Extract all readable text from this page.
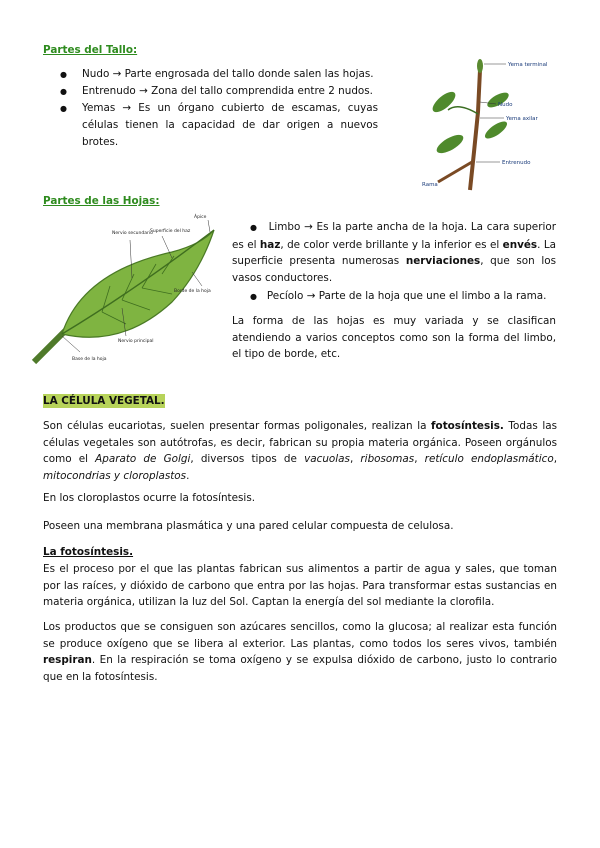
Partes del Tallo:
● Nudo → Parte engrosada del tallo donde salen las hojas.
● Entrenudo → Zona del tallo comprendida entre 2 nudos.
● Yemas → Es un órgano cubierto de escamas, cuyas células tienen la capacidad de dar origen a nuevos brotes.
Yema terminal
Nudo
Yema axilar
Entrenudo
Rama
Partes de las Hojas:
Nervio secundario
Superficie del haz
Borde de la hoja
Nervio principal
Ápice
Base de la hoja
● Limbo → Es la parte ancha de la hoja. La cara superior es el haz, de color verde brillante y la inferior es el envés. La superficie presenta numerosas nerviaciones, que son los vasos conductores.
● Pecíolo → Parte de la hoja que une el limbo a la rama.
La forma de las hojas es muy variada y se clasifican atendiendo a varios conceptos como son la forma del limbo, el tipo de borde, etc.
LA CÉLULA VEGETAL.
Son células eucariotas, suelen presentar formas poligonales, realizan la fotosíntesis. Todas las células vegetales son autótrofas, es decir, fabrican su propia materia orgánica. Poseen orgánulos como el Aparato de Golgi, diversos tipos de vacuolas, ribosomas, retículo endoplasmático, mitocondrias y cloroplastos.
En los cloroplastos ocurre la fotosíntesis.
Poseen una membrana plasmática y una pared celular compuesta de celulosa.
La fotosíntesis.
Es el proceso por el que las plantas fabrican sus alimentos a partir de agua y sales, que toman por las raíces, y dióxido de carbono que entra por las hojas. Para transformar estas sustancias en materia orgánica, utilizan la luz del Sol. Captan la energía del sol mediante la clorofila.
Los productos que se consiguen son azúcares sencillos, como la glucosa; al realizar esta función se produce oxígeno que se libera al exterior. Las plantas, como todos los seres vivos, también respiran. En la respiración se toma oxígeno y se expulsa dióxido de carbono, justo lo contrario que en la fotosíntesis.
